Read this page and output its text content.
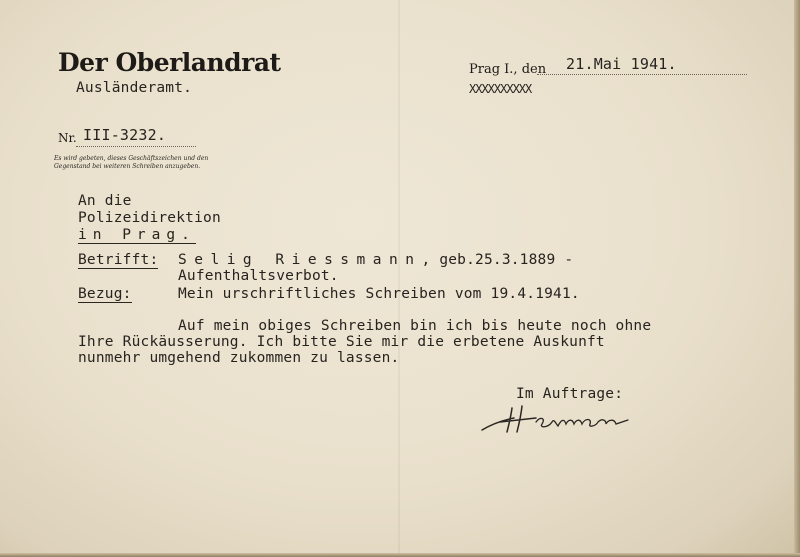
Der Oberlandrat
Ausländeramt.
Prag I., den 21.Mai 1941.
XXXXXXXXXX
Nr. III-3232.
Es wird gebeten, dieses Geschäftszeichen und den Gegenstand bei weiteren Schreiben anzugeben.
An die
Polizeidirektion
in Prag.
Betrifft: Selig Riessmann, geb.25.3.1889 -
Aufenthaltsverbot.
Bezug:	Mein urschriftliches Schreiben vom 19.4.1941.
Auf mein obiges Schreiben bin ich bis heute noch ohne
Ihre Rückäusserung. Ich bitte Sie mir die erbetene Auskunft
nunmehr umgehend zukommen zu lassen.
Im Auftrage:
